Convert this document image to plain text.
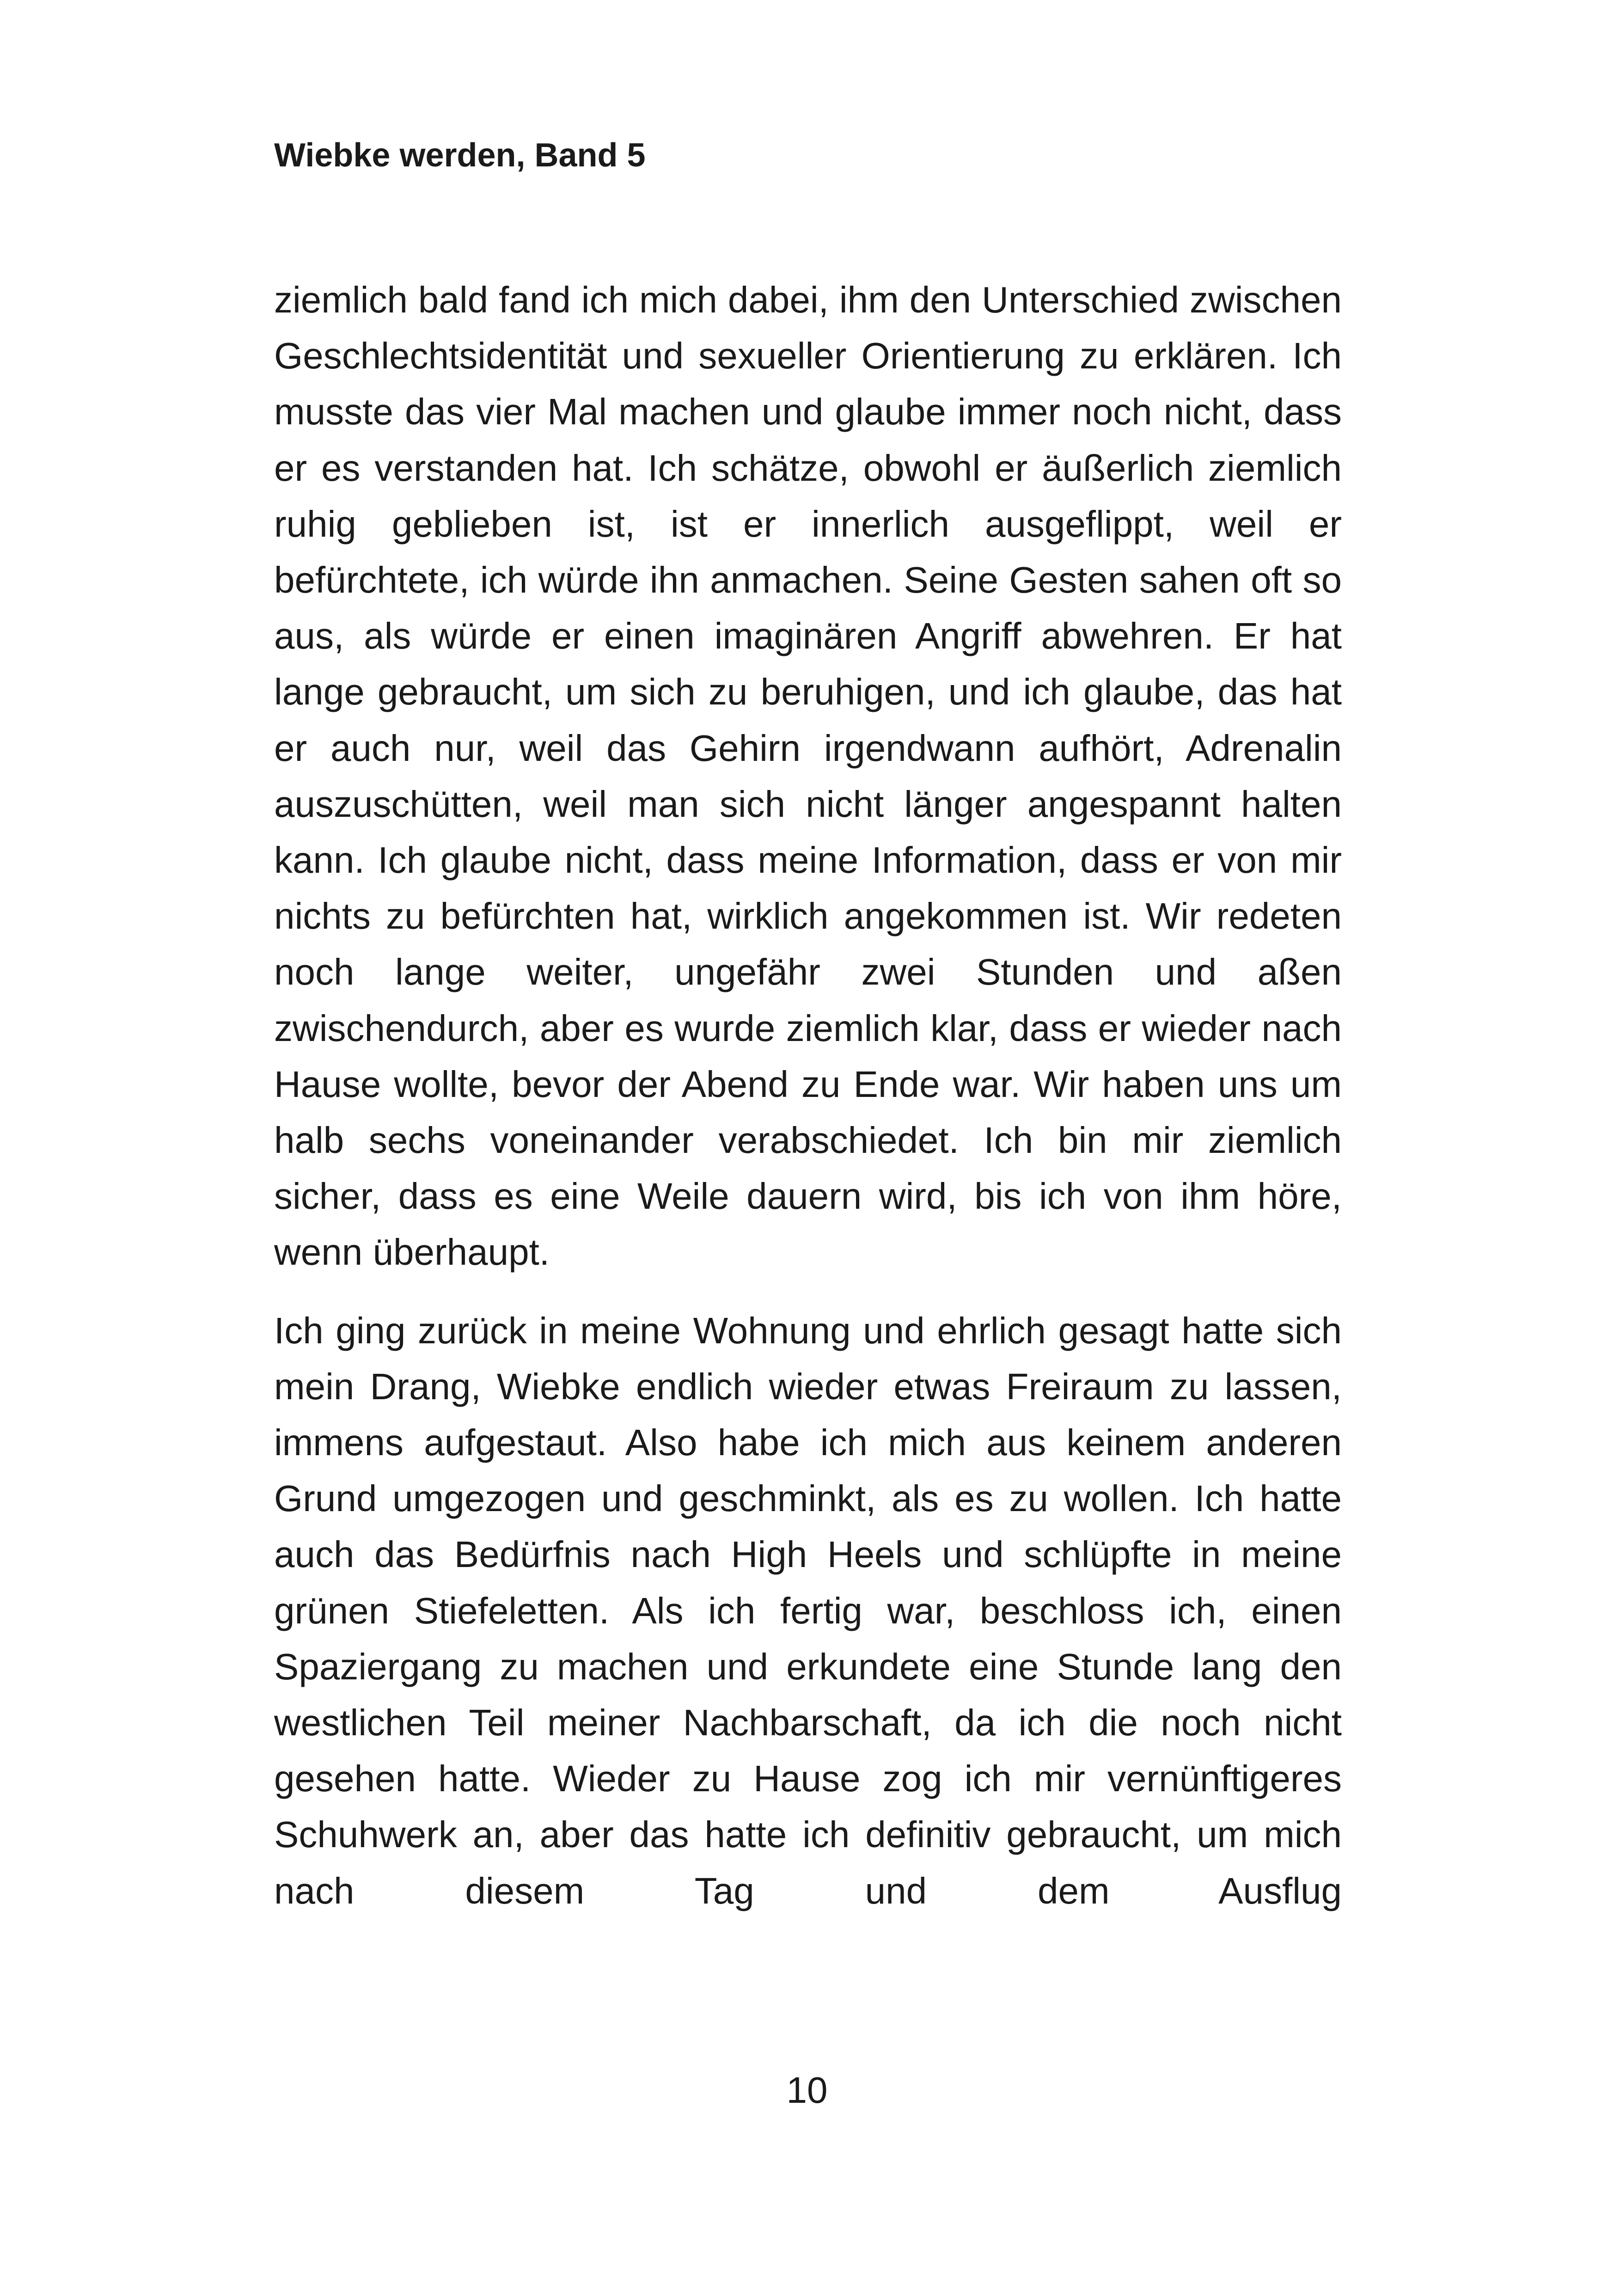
Wiebke werden, Band 5

ziemlich bald fand ich mich dabei, ihm den Unterschied zwischen Geschlechtsidentität und sexueller Orientierung zu erklären. Ich musste das vier Mal machen und glaube immer noch nicht, dass er es verstanden hat. Ich schätze, obwohl er äußerlich ziemlich ruhig geblieben ist, ist er innerlich ausgeflippt, weil er befürchtete, ich würde ihn anmachen. Seine Gesten sahen oft so aus, als würde er einen imaginären Angriff abwehren. Er hat lange gebraucht, um sich zu beruhigen, und ich glaube, das hat er auch nur, weil das Gehirn irgendwann aufhört, Adrenalin auszuschütten, weil man sich nicht länger angespannt halten kann. Ich glaube nicht, dass meine Information, dass er von mir nichts zu befürchten hat, wirklich angekommen ist. Wir redeten noch lange weiter, ungefähr zwei Stunden und aßen zwischendurch, aber es wurde ziemlich klar, dass er wieder nach Hause wollte, bevor der Abend zu Ende war. Wir haben uns um halb sechs voneinander verabschiedet. Ich bin mir ziemlich sicher, dass es eine Weile dauern wird, bis ich von ihm höre, wenn überhaupt.

Ich ging zurück in meine Wohnung und ehrlich gesagt hatte sich mein Drang, Wiebke endlich wieder etwas Freiraum zu lassen, immens aufgestaut. Also habe ich mich aus keinem anderen Grund umgezogen und geschminkt, als es zu wollen. Ich hatte auch das Bedürfnis nach High Heels und schlüpfte in meine grünen Stiefeletten. Als ich fertig war, beschloss ich, einen Spaziergang zu machen und erkundete eine Stunde lang den westlichen Teil meiner Nachbarschaft, da ich die noch nicht gesehen hatte. Wieder zu Hause zog ich mir vernünftigeres Schuhwerk an, aber das hatte ich definitiv gebraucht, um mich nach diesem Tag und dem Ausflug

10
